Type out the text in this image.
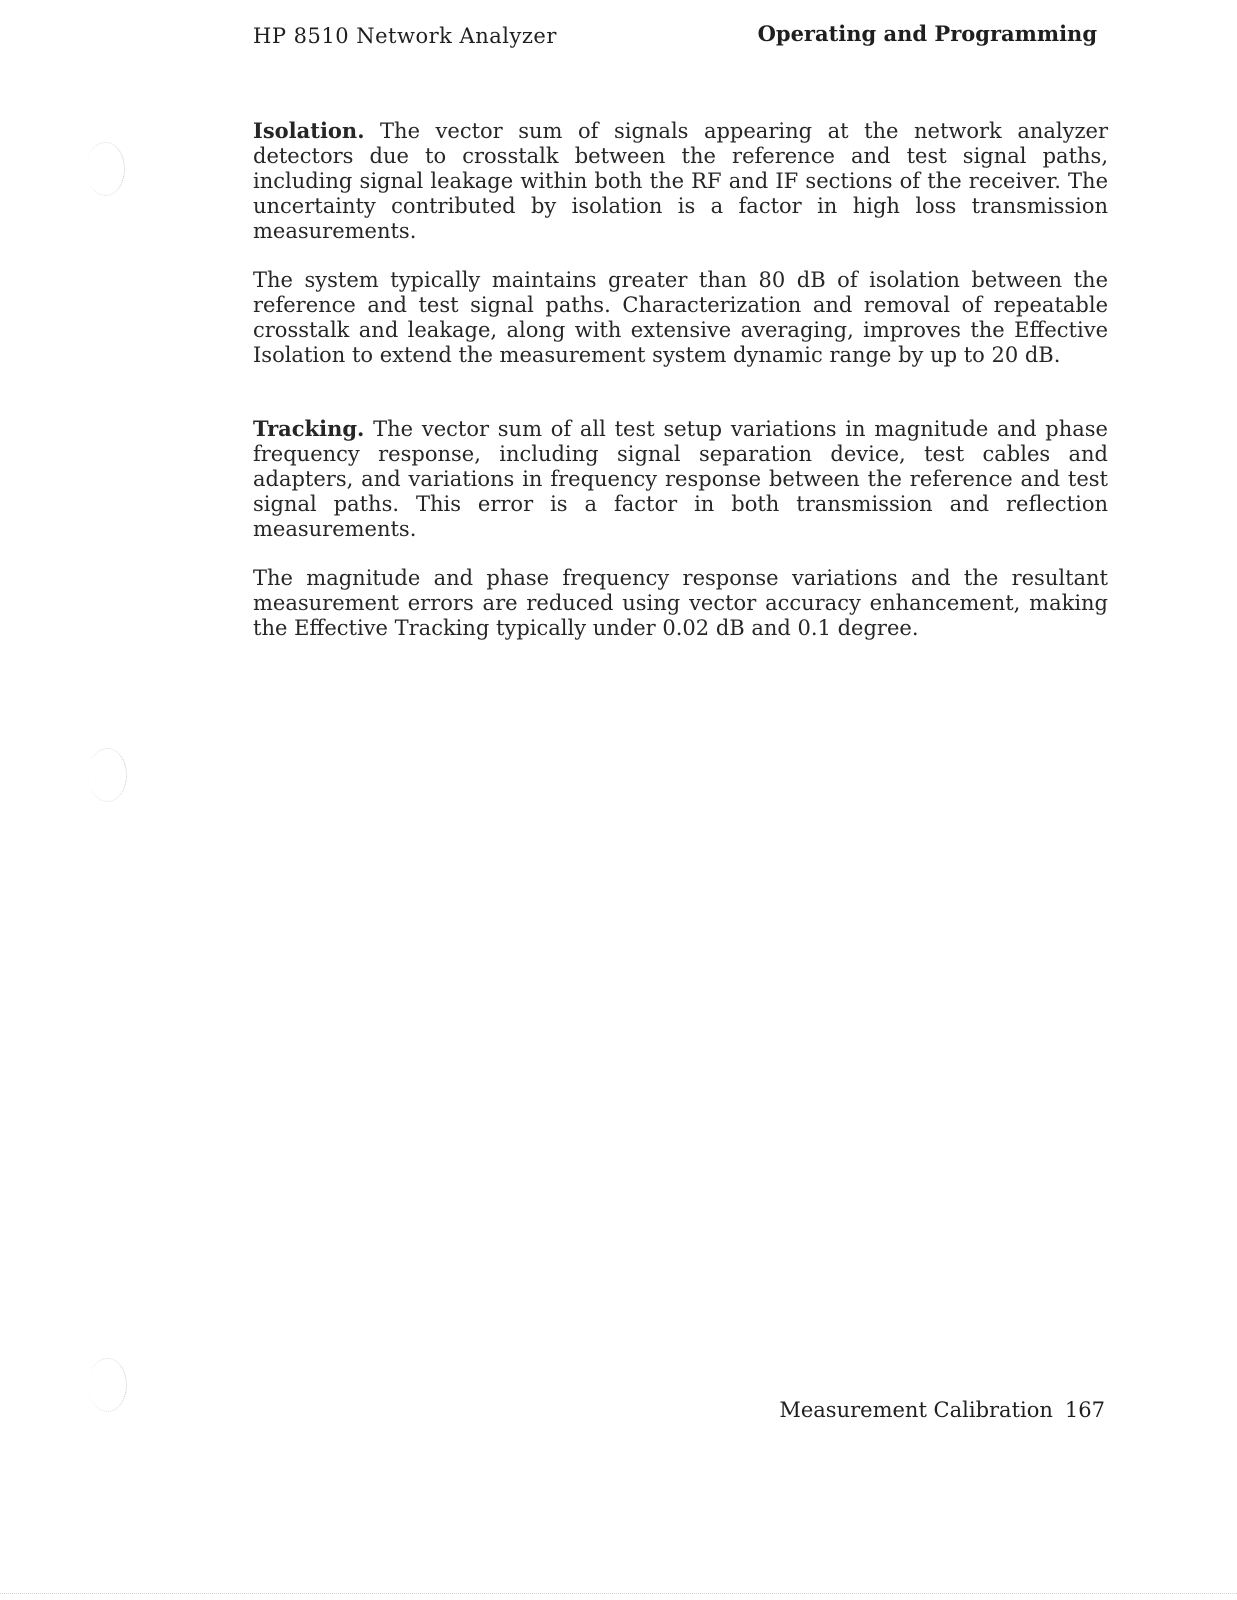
HP 8510 Network Analyzer	Operating and Programming

Isolation. The vector sum of signals appearing at the network analyzer detectors due to crosstalk between the reference and test signal paths, including signal leakage within both the RF and IF sections of the receiver. The uncertainty contributed by isolation is a factor in high loss transmission measurements.

The system typically maintains greater than 80 dB of isolation between the reference and test signal paths. Characterization and removal of repeatable crosstalk and leakage, along with extensive averaging, improves the Effective Isolation to extend the measurement system dynamic range by up to 20 dB.

Tracking. The vector sum of all test setup variations in magnitude and phase frequency response, including signal separation device, test cables and adapters, and variations in frequency response between the reference and test signal paths. This error is a factor in both transmission and reflection measurements.

The magnitude and phase frequency response variations and the resultant measurement errors are reduced using vector accuracy enhancement, making the Effective Tracking typically under 0.02 dB and 0.1 degree.

Measurement Calibration 167
